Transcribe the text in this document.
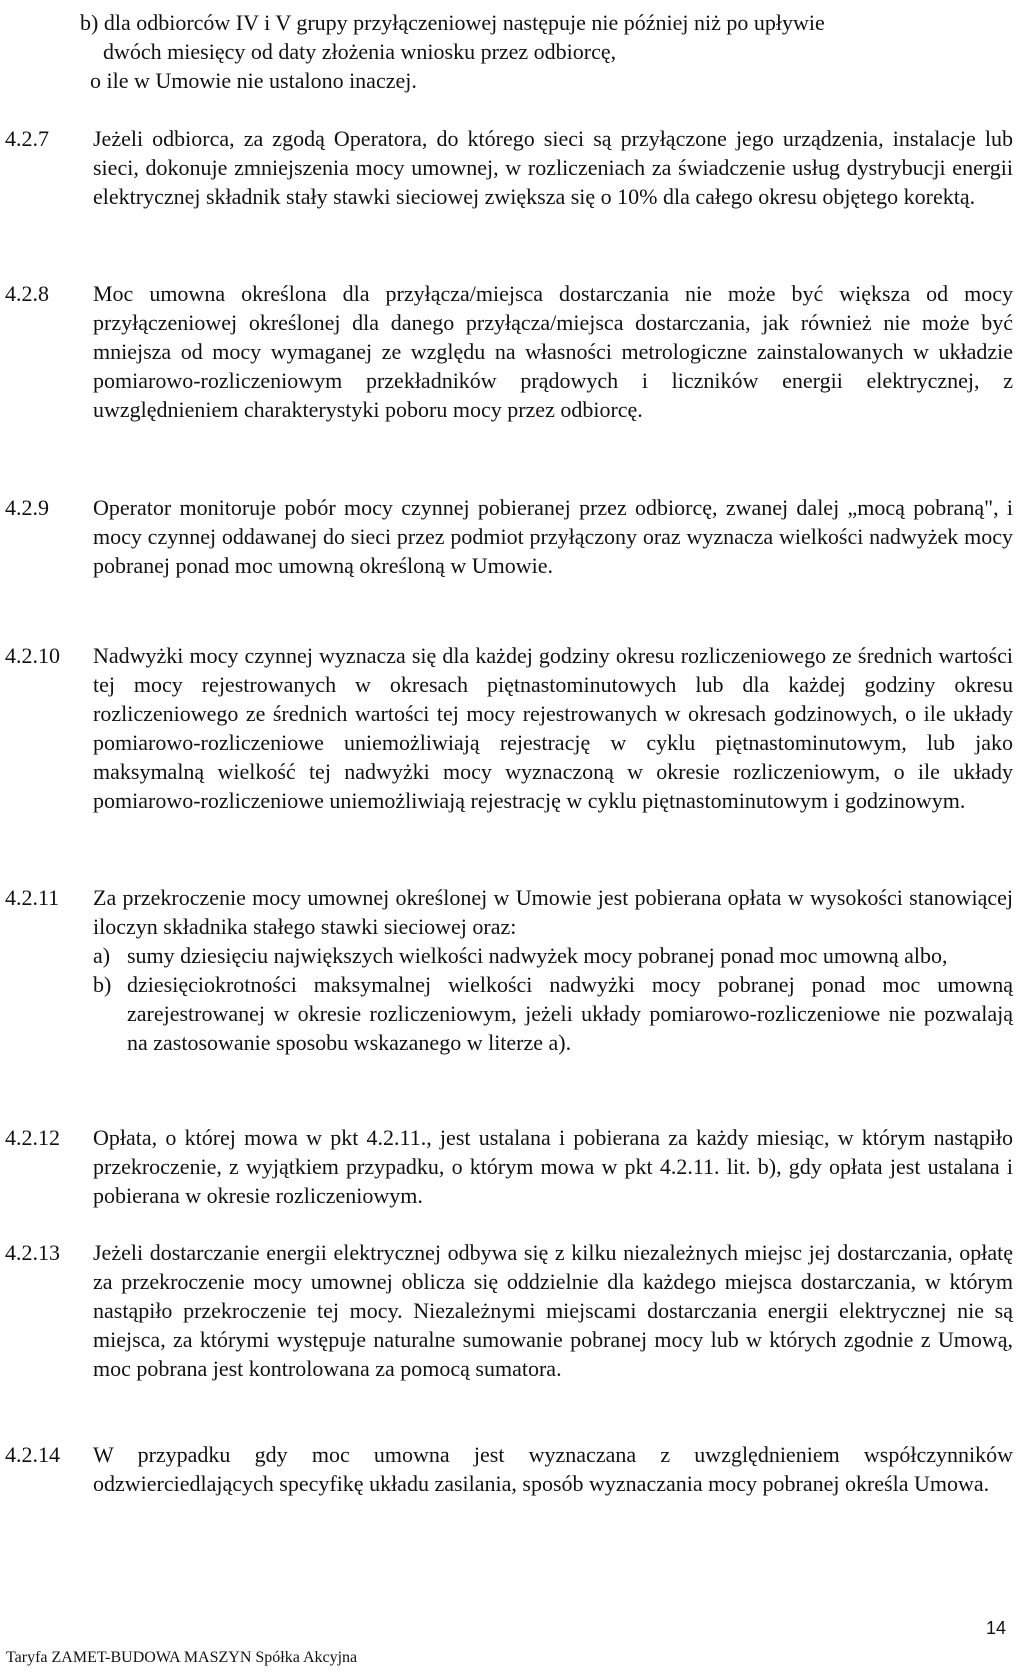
b) dla odbiorców IV i V grupy przyłączeniowej następuje nie później niż po upływie
dwóch miesięcy od daty złożenia wniosku przez odbiorcę,
o ile w Umowie nie ustalono inaczej.
4.2.7	Jeżeli odbiorca, za zgodą Operatora, do którego sieci są przyłączone jego urządzenia, instalacje lub sieci, dokonuje zmniejszenia mocy umownej, w rozliczeniach za świadczenie usług dystrybucji energii elektrycznej składnik stały stawki sieciowej zwiększa się o 10% dla całego okresu objętego korektą.
4.2.8	Moc umowna określona dla przyłącza/miejsca dostarczania nie może być większa od mocy przyłączeniowej określonej dla danego przyłącza/miejsca dostarczania, jak również nie może być mniejsza od mocy wymaganej ze względu na własności metrologiczne zainstalowanych w układzie pomiarowo-rozliczeniowym przekładników prądowych i liczników energii elektrycznej, z uwzględnieniem charakterystyki poboru mocy przez odbiorcę.
4.2.9	Operator monitoruje pobór mocy czynnej pobieranej przez odbiorcę, zwanej dalej „mocą pobraną", i mocy czynnej oddawanej do sieci przez podmiot przyłączony oraz wyznacza wielkości nadwyżek mocy pobranej ponad moc umowną określoną w Umowie.
4.2.10	Nadwyżki mocy czynnej wyznacza się dla każdej godziny okresu rozliczeniowego ze średnich wartości tej mocy rejestrowanych w okresach piętnastominutowych lub dla każdej godziny okresu rozliczeniowego ze średnich wartości tej mocy rejestrowanych w okresach godzinowych, o ile układy pomiarowo-rozliczeniowe uniemożliwiają rejestrację w cyklu piętnastominutowym, lub jako maksymalną wielkość tej nadwyżki mocy wyznaczoną w okresie rozliczeniowym, o ile układy pomiarowo-rozliczeniowe uniemożliwiają rejestrację w cyklu piętnastominutowym i godzinowym.
4.2.11	Za przekroczenie mocy umownej określonej w Umowie jest pobierana opłata w wysokości stanowiącej iloczyn składnika stałego stawki sieciowej oraz:
a) sumy dziesięciu największych wielkości nadwyżek mocy pobranej ponad moc umowną albo,
b) dziesięciokrotności maksymalnej wielkości nadwyżki mocy pobranej ponad moc umowną zarejestrowanej w okresie rozliczeniowym, jeżeli układy pomiarowo-rozliczeniowe nie pozwalają na zastosowanie sposobu wskazanego w literze a).
4.2.12	Opłata, o której mowa w pkt 4.2.11., jest ustalana i pobierana za każdy miesiąc, w którym nastąpiło przekroczenie, z wyjątkiem przypadku, o którym mowa w pkt 4.2.11. lit. b), gdy opłata jest ustalana i pobierana w okresie rozliczeniowym.
4.2.13	Jeżeli dostarczanie energii elektrycznej odbywa się z kilku niezależnych miejsc jej dostarczania, opłatę za przekroczenie mocy umownej oblicza się oddzielnie dla każdego miejsca dostarczania, w którym nastąpiło przekroczenie tej mocy. Niezależnymi miejscami dostarczania energii elektrycznej nie są miejsca, za którymi występuje naturalne sumowanie pobranej mocy lub w których zgodnie z Umową, moc pobrana jest kontrolowana za pomocą sumatora.
4.2.14	W przypadku gdy moc umowna jest wyznaczana z uwzględnieniem współczynników odzwierciedlających specyfikę układu zasilania, sposób wyznaczania mocy pobranej określa Umowa.
Taryfa ZAMET-BUDOWA MASZYN Spółka Akcyjna
14
